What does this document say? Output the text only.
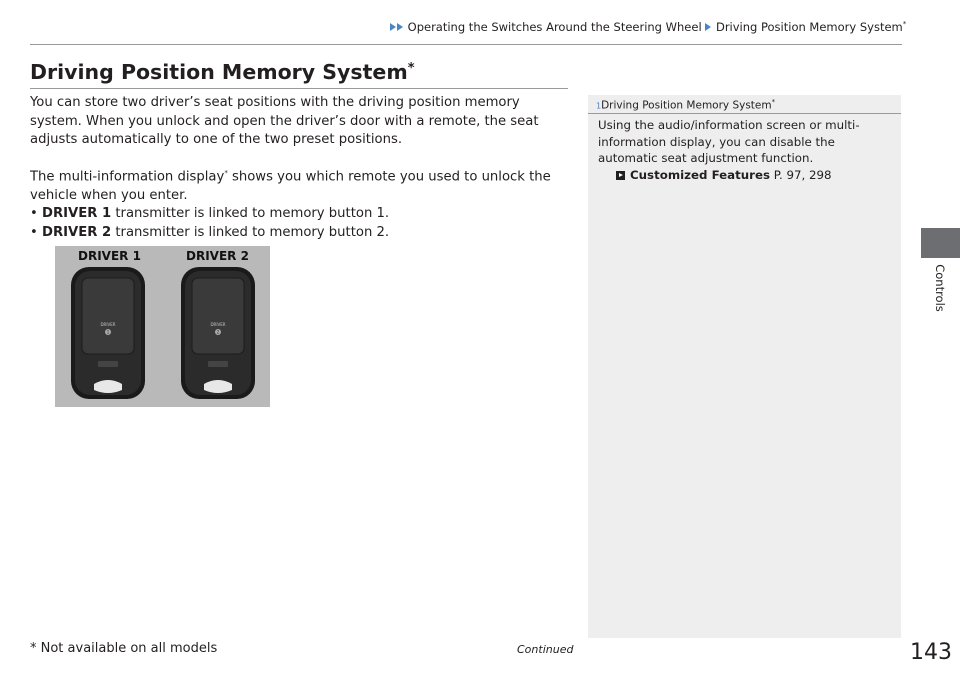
Operating the Switches Around the Steering Wheel Driving Position Memory System*
Driving Position Memory System*

You can store two driver’s seat positions with the driving position memory system. When you unlock and open the driver’s door with a remote, the seat adjusts automatically to one of the two preset positions.

The multi-information display* shows you which remote you used to unlock the vehicle when you enter.

• DRIVER 1 transmitter is linked to memory button 1.

• DRIVER 2 transmitter is linked to memory button 2.

DRIVER 1	DRIVER 2
DRIVER
1
DRIVER
2
1Driving Position Memory System*

Using the audio/information screen or multi-information display, you can disable the automatic seat adjustment function.

Customized Features P. 97, 298

Controls
* Not available on all models	Continued	143
